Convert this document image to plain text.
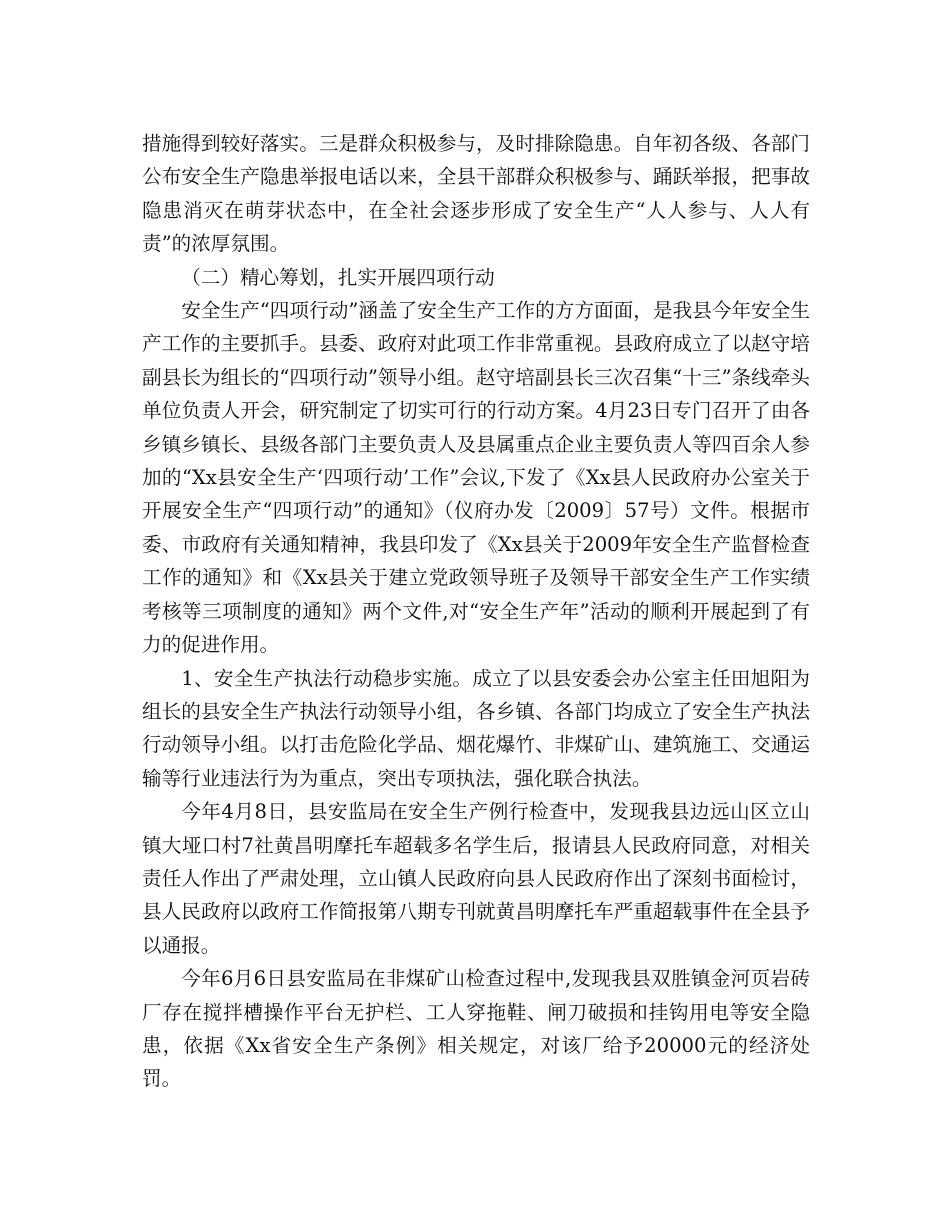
措施得到较好落实。三是群众积极参与，及时排除隐患。自年初各级、各部门公布安全生产隐患举报电话以来，全县干部群众积极参与、踊跃举报，把事故隐患消灭在萌芽状态中，在全社会逐步形成了安全生产“人人参与、人人有责”的浓厚氛围。

（二）精心筹划，扎实开展四项行动

安全生产“四项行动”涵盖了安全生产工作的方方面面，是我县今年安全生产工作的主要抓手。县委、政府对此项工作非常重视。县政府成立了以赵守培副县长为组长的“四项行动”领导小组。赵守培副县长三次召集“十三”条线牵头单位负责人开会，研究制定了切实可行的行动方案。4月23日专门召开了由各乡镇乡镇长、县级各部门主要负责人及县属重点企业主要负责人等四百余人参加的“Xx县安全生产‘四项行动’工作”会议,下发了《Xx县人民政府办公室关于开展安全生产“四项行动”的通知》（仪府办发〔2009〕57号）文件。根据市委、市政府有关通知精神，我县印发了《Xx县关于2009年安全生产监督检查工作的通知》和《Xx县关于建立党政领导班子及领导干部安全生产工作实绩考核等三项制度的通知》两个文件,对“安全生产年”活动的顺利开展起到了有力的促进作用。

1、安全生产执法行动稳步实施。成立了以县安委会办公室主任田旭阳为组长的县安全生产执法行动领导小组，各乡镇、各部门均成立了安全生产执法行动领导小组。以打击危险化学品、烟花爆竹、非煤矿山、建筑施工、交通运输等行业违法行为为重点，突出专项执法，强化联合执法。

今年4月8日，县安监局在安全生产例行检查中，发现我县边远山区立山镇大垭口村7社黄昌明摩托车超载多名学生后，报请县人民政府同意，对相关责任人作出了严肃处理，立山镇人民政府向县人民政府作出了深刻书面检讨，县人民政府以政府工作简报第八期专刊就黄昌明摩托车严重超载事件在全县予以通报。

今年6月6日县安监局在非煤矿山检查过程中,发现我县双胜镇金河页岩砖厂存在搅拌槽操作平台无护栏、工人穿拖鞋、闸刀破损和挂钩用电等安全隐患，依据《Xx省安全生产条例》相关规定，对该厂给予20000元的经济处罚。
